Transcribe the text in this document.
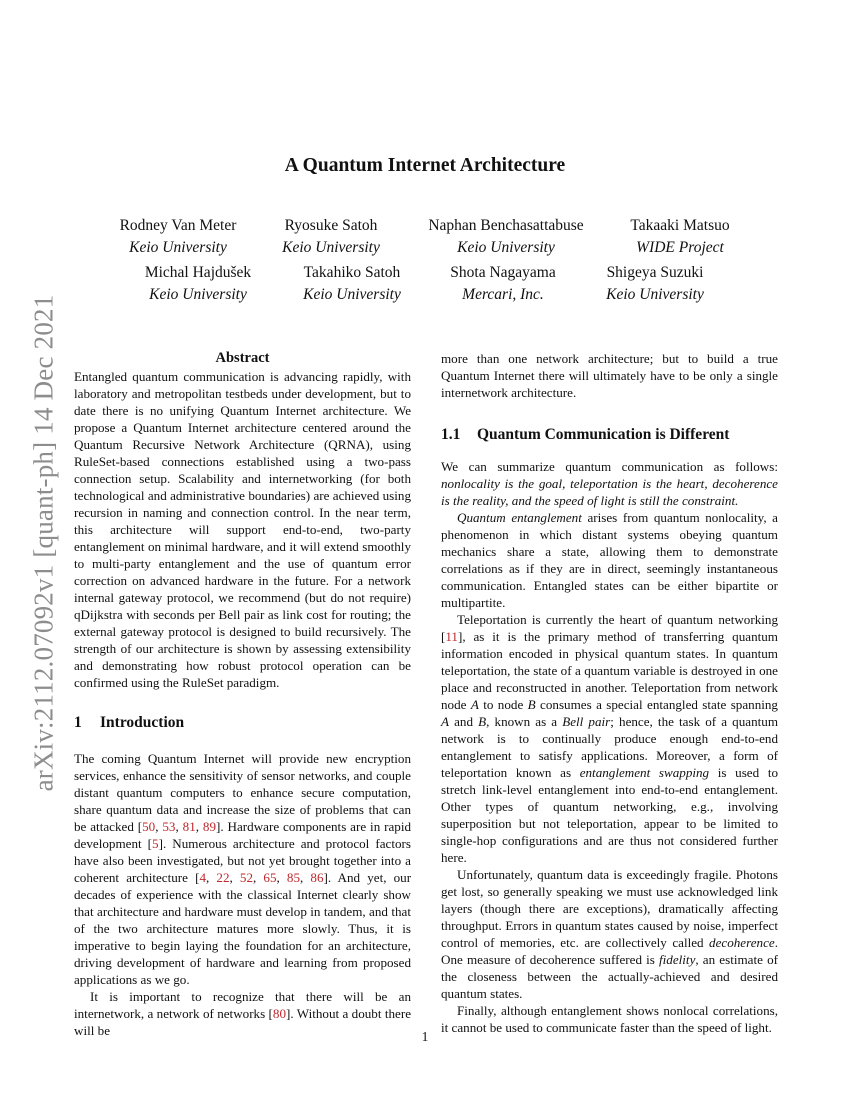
arXiv:2112.07092v1 [quant-ph] 14 Dec 2021
A Quantum Internet Architecture
Rodney Van Meter
Keio University
Ryosuke Satoh
Keio University
Naphan Benchasattabuse
Keio University
Takaaki Matsuo
WIDE Project
Michal Hajdušek
Keio University
Takahiko Satoh
Keio University
Shota Nagayama
Mercari, Inc.
Shigeya Suzuki
Keio University
Abstract

Entangled quantum communication is advancing rapidly, with laboratory and metropolitan testbeds under development, but to date there is no unifying Quantum Internet architecture. We propose a Quantum Internet architecture centered around the Quantum Recursive Network Architecture (QRNA), using RuleSet-based connections established using a two-pass connection setup. Scalability and internetworking (for both technological and administrative boundaries) are achieved using recursion in naming and connection control. In the near term, this architecture will support end-to-end, two-party entanglement on minimal hardware, and it will extend smoothly to multi-party entanglement and the use of quantum error correction on advanced hardware in the future. For a network internal gateway protocol, we recommend (but do not require) qDijkstra with seconds per Bell pair as link cost for routing; the external gateway protocol is designed to build recursively. The strength of our architecture is shown by assessing extensibility and demonstrating how robust protocol operation can be confirmed using the RuleSet paradigm.

1 Introduction

The coming Quantum Internet will provide new encryption services, enhance the sensitivity of sensor networks, and couple distant quantum computers to enhance secure computation, share quantum data and increase the size of problems that can be attacked [50, 53, 81, 89]. Hardware components are in rapid development [5]. Numerous architecture and protocol factors have also been investigated, but not yet brought together into a coherent architecture [4, 22, 52, 65, 85, 86]. And yet, our decades of experience with the classical Internet clearly show that architecture and hardware must develop in tandem, and that of the two architecture matures more slowly. Thus, it is imperative to begin laying the foundation for an architecture, driving development of hardware and learning from proposed applications as we go.

It is important to recognize that there will be an internetwork, a network of networks [80]. Without a doubt there will be

more than one network architecture; but to build a true Quantum Internet there will ultimately have to be only a single internetwork architecture.

1.1 Quantum Communication is Different

We can summarize quantum communication as follows: nonlocality is the goal, teleportation is the heart, decoherence is the reality, and the speed of light is still the constraint.

Quantum entanglement arises from quantum nonlocality, a phenomenon in which distant systems obeying quantum mechanics share a state, allowing them to demonstrate correlations as if they are in direct, seemingly instantaneous communication. Entangled states can be either bipartite or multipartite.

Teleportation is currently the heart of quantum networking [11], as it is the primary method of transferring quantum information encoded in physical quantum states. In quantum teleportation, the state of a quantum variable is destroyed in one place and reconstructed in another. Teleportation from network node A to node B consumes a special entangled state spanning A and B, known as a Bell pair; hence, the task of a quantum network is to continually produce enough end-to-end entanglement to satisfy applications. Moreover, a form of teleportation known as entanglement swapping is used to stretch link-level entanglement into end-to-end entanglement. Other types of quantum networking, e.g., involving superposition but not teleportation, appear to be limited to single-hop configurations and are thus not considered further here.

Unfortunately, quantum data is exceedingly fragile. Photons get lost, so generally speaking we must use acknowledged link layers (though there are exceptions), dramatically affecting throughput. Errors in quantum states caused by noise, imperfect control of memories, etc. are collectively called decoherence. One measure of decoherence suffered is fidelity, an estimate of the closeness between the actually-achieved and desired quantum states.

Finally, although entanglement shows nonlocal correlations, it cannot be used to communicate faster than the speed of light.

1
